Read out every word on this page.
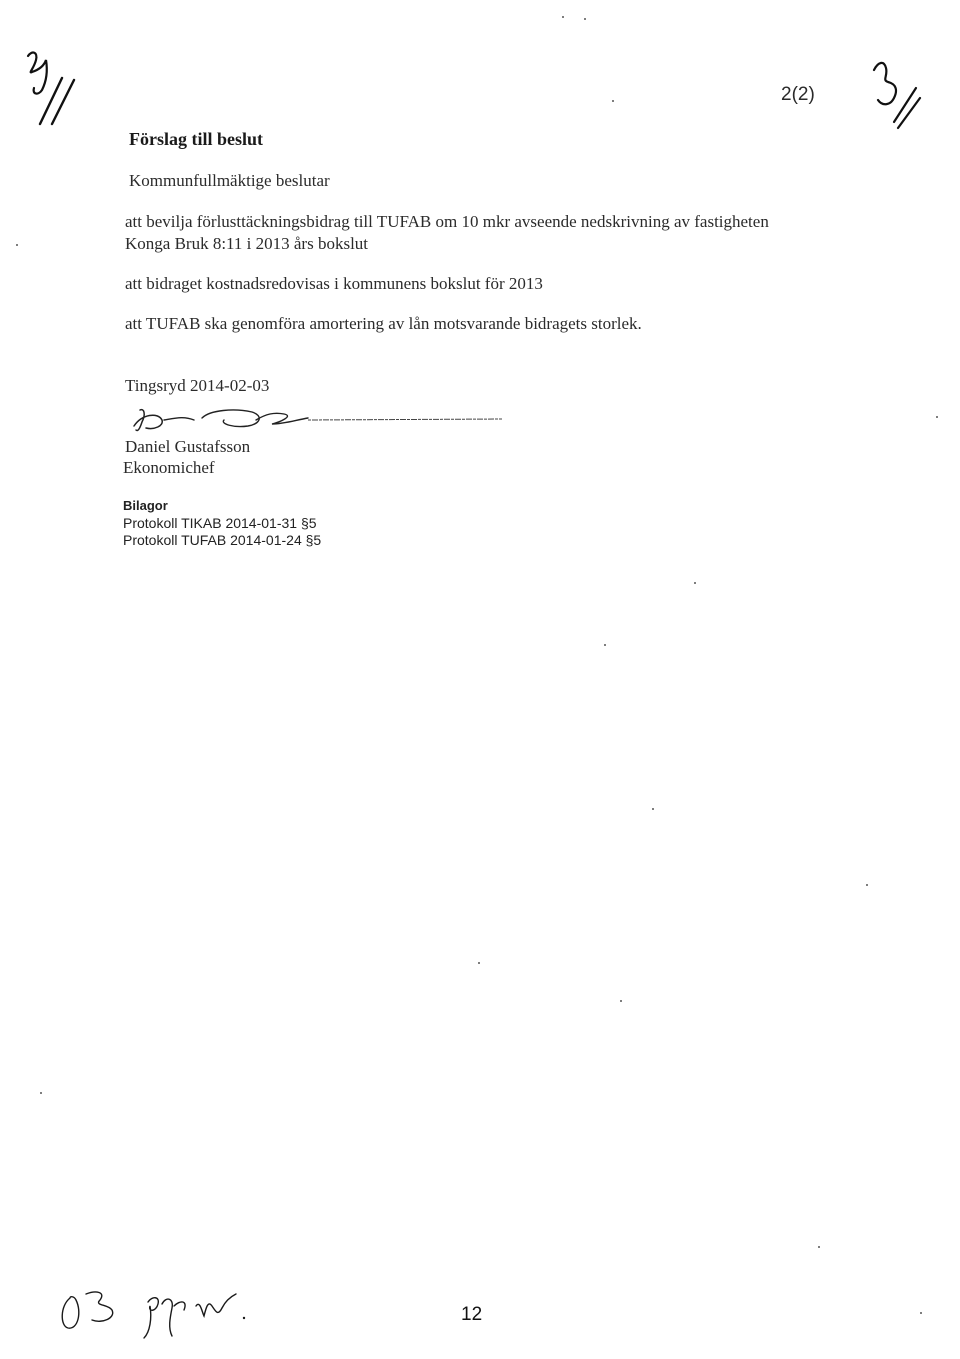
2(2)
Förslag till beslut
Kommunfullmäktige beslutar
att bevilja förlusttäckningsbidrag till TUFAB om 10 mkr avseende nedskrivning av fastigheten
Konga Bruk 8:11 i 2013 års bokslut
att bidraget kostnadsredovisas i kommunens bokslut för 2013
att TUFAB ska genomföra amortering av lån motsvarande bidragets storlek.
Tingsryd 2014-02-03
Daniel Gustafsson
Ekonomichef
Bilagor
Protokoll TIKAB 2014-01-31 §5
Protokoll TUFAB 2014-01-24 §5
12
